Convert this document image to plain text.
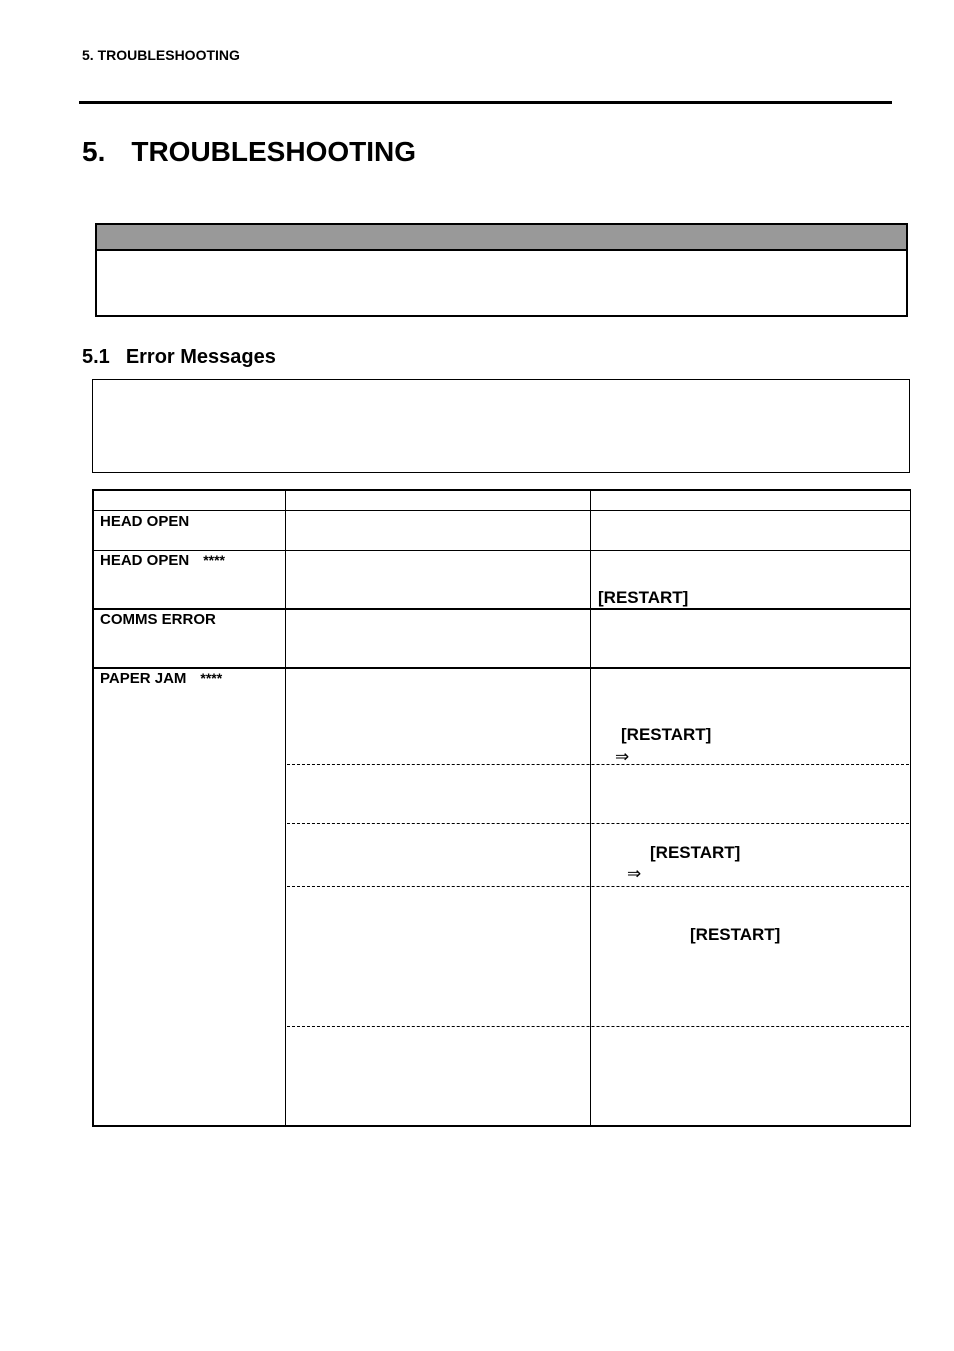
5. TROUBLESHOOTING
5. TROUBLESHOOTING
5.1 Error Messages
HEAD OPEN
HEAD OPEN ****
COMMS ERROR
PAPER JAM ****
[RESTART]
[RESTART]
⇒
[RESTART]
⇒
[RESTART]
